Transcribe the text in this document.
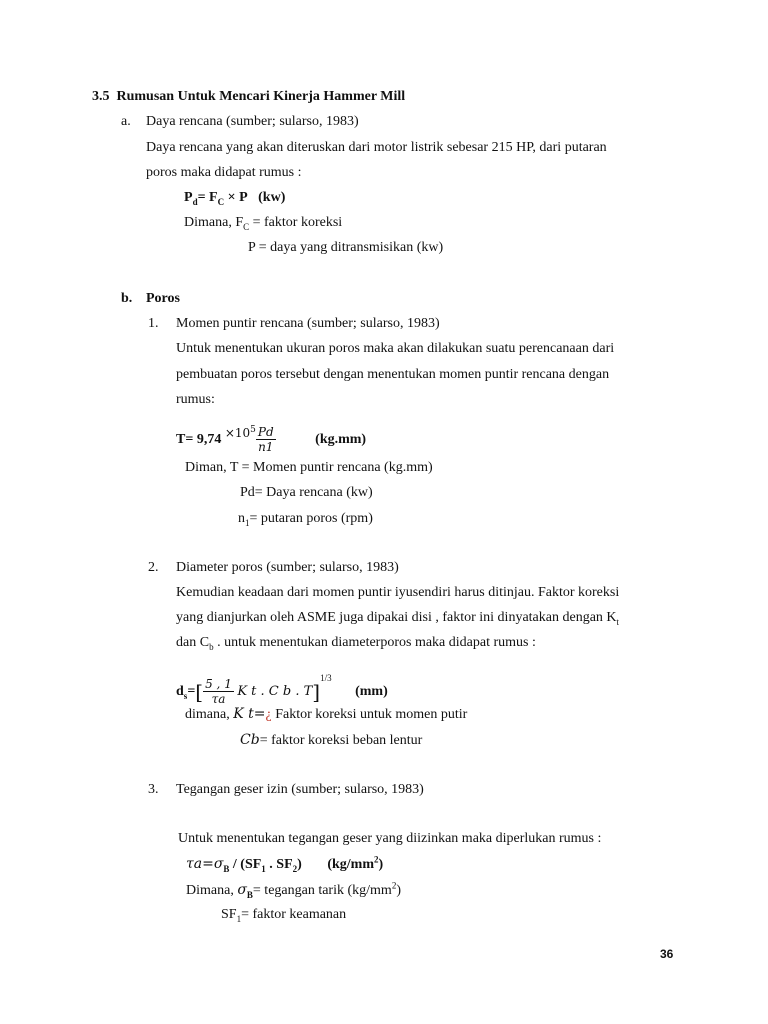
3.5 Rumusan Untuk Mencari Kinerja Hammer Mill
a. Daya rencana (sumber; sularso, 1983)
Daya rencana yang akan diteruskan dari motor listrik sebesar 215 HP, dari putaran
poros maka didapat rumus :
$P_d= F_C \times P$ (kw)
Dimana, $F_C$ = faktor koreksi
P = daya yang ditransmisikan (kw)
b. Poros
1. Momen puntir rencana (sumber; sularso, 1983)
Untuk menentukan ukuran poros maka akan dilakukan suatu perencanaan dari
pembuatan poros tersebut dengan menentukan momen puntir rencana dengan
rumus:
$T= 9,74 \times 10^5 \frac{Pd}{n1}$	(kg.mm)
Diman, T = Momen puntir rencana (kg.mm)
Pd= Daya rencana (kw)
$n_1=$ putaran poros (rpm)
2. Diameter poros (sumber; sularso, 1983)
Kemudian keadaan dari momen puntir iyusendiri harus ditinjau. Faktor koreksi
yang dianjurkan oleh ASME juga dipakai disi , faktor ini dinyatakan dengan $K_t$
dan $C_b$ . untuk menentukan diameterporos maka didapat rumus :
$d_s=[ \frac{5 , 1}{\tau a}$ K t . C b . T]$^{1/3}$ (mm)
dimana, K t=¿ Faktor koreksi untuk momen putir
Cb= faktor koreksi beban lentur
3. Tegangan geser izin (sumber; sularso, 1983)
Untuk menentukan tegangan geser yang diizinkan maka diperlukan rumus :
$\tau a=\sigma_B / (SF_1$ . $SF_2$) $(kg/mm^2)$
Dimana, $\sigma_B=$ tegangan tarik $(kg/mm^2)$
$SF_1=$ faktor keamanan
36
